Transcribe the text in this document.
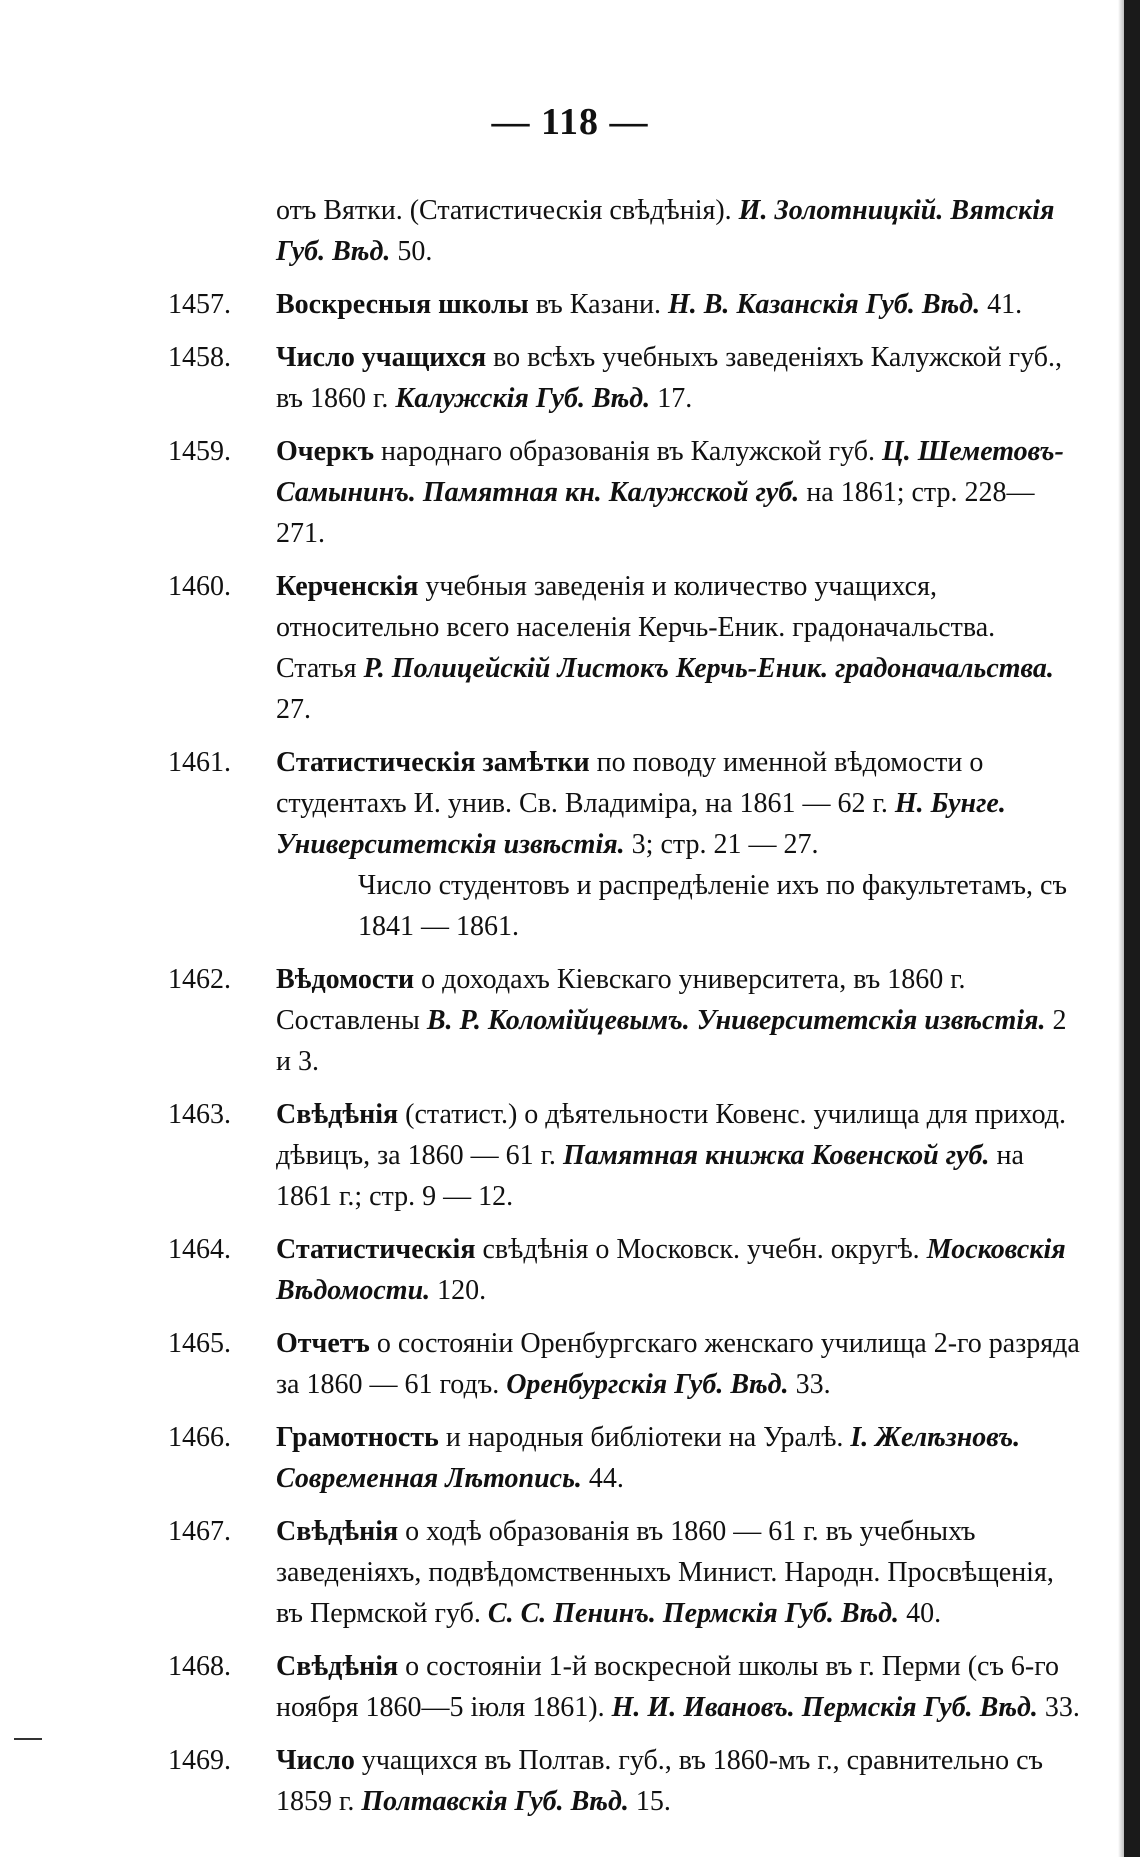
— 118 —

отъ Вятки. (Статистическія свѣдѣнія). И. Золотницкій. Вятскія Губ. Вѣд. 50.

1457.	Воскресныя школы въ Казани. Н. В. Казанскія Губ. Вѣд. 41.
1458.	Число учащихся во всѣхъ учебныхъ заведеніяхъ Калужской губ., въ 1860 г. Калужскія Губ. Вѣд. 17.
1459.	Очеркъ народнаго образованія въ Калужской губ. Ц. Шеметовъ-Самынинъ. Памятная кн. Калужской губ. на 1861; стр. 228—271.
1460.	Керченскія учебныя заведенія и количество учащихся, относительно всего населенія Керчь-Еник. градоначальства. Статья Р. Полицейскій Листокъ Керчь-Еник. градоначальства. 27.
1461.	Статистическія замѣтки по поводу именной вѣдомости о студентахъ И. унив. Св. Владиміра, на 1861 — 62 г. Н. Бунге. Университетскія извѣстія. 3; стр. 21 — 27.

Число студентовъ и распредѣленіе ихъ по факультетамъ, съ 1841 — 1861.

1462.	Вѣдомости о доходахъ Кіевскаго университета, въ 1860 г. Составлены В. Р. Коломійцевымъ. Университетскія извѣстія. 2 и 3.
1463.	Свѣдѣнія (статист.) о дѣятельности Ковенс. училища для приход. дѣвицъ, за 1860 — 61 г. Памятная книжка Ковенской губ. на 1861 г.; стр. 9 — 12.
1464.	Статистическія свѣдѣнія о Московск. учебн. округѣ. Московскія Вѣдомости. 120.
1465.	Отчетъ о состояніи Оренбургскаго женскаго училища 2-го разряда за 1860 — 61 годъ. Оренбургскія Губ. Вѣд. 33.
1466.	Грамотность и народныя библіотеки на Уралѣ. I. Желѣзновъ. Современная Лѣтопись. 44.
1467.	Свѣдѣнія о ходѣ образованія въ 1860 — 61 г. въ учебныхъ заведеніяхъ, подвѣдомственныхъ Минист. Народн. Просвѣщенія, въ Пермской губ. С. С. Пенинъ. Пермскія Губ. Вѣд. 40.
1468.	Свѣдѣнія о состояніи 1-й воскресной школы въ г. Перми (съ 6-го ноября 1860—5 іюля 1861). Н. И. Ивановъ. Пермскія Губ. Вѣд. 33.
1469.	Число учащихся въ Полтав. губ., въ 1860-мъ г., сравнительно съ 1859 г. Полтавскія Губ. Вѣд. 15.
